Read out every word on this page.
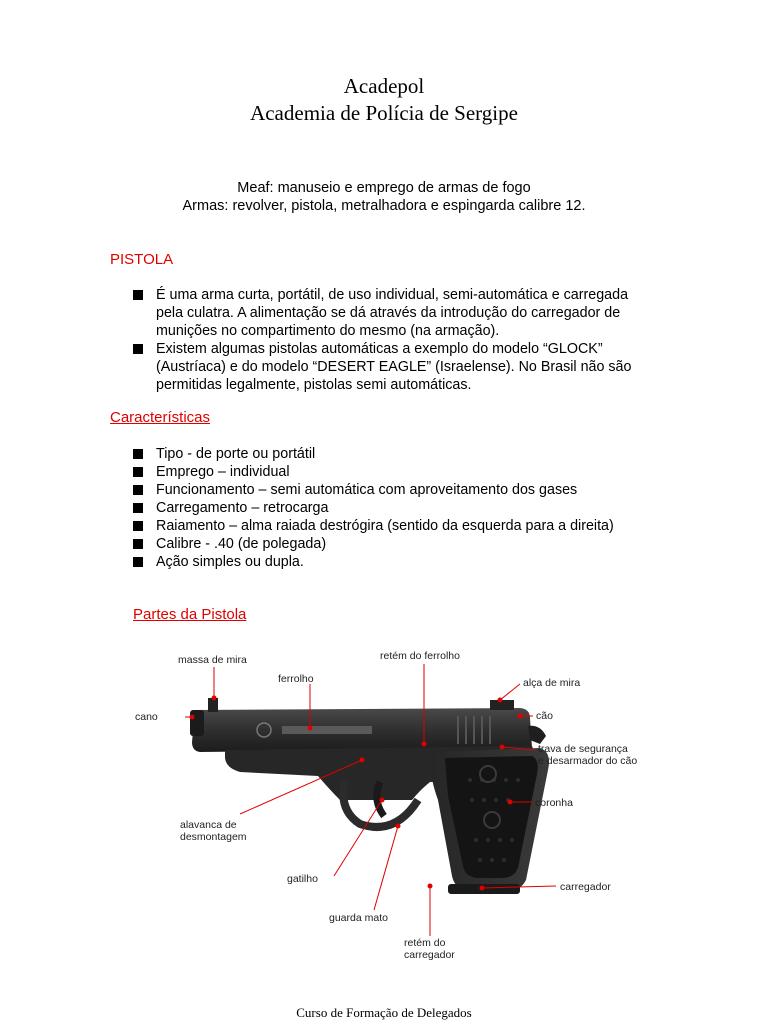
Acadepol
Academia de Polícia de Sergipe
Meaf: manuseio e emprego de armas de fogo
Armas: revolver, pistola, metralhadora e espingarda calibre 12.
PISTOLA
É uma arma curta, portátil, de uso individual, semi-automática e carregada pela culatra. A alimentação se dá através da introdução do carregador de munições no compartimento do mesmo (na armação).
Existem algumas pistolas automáticas a exemplo do modelo “GLOCK” (Austríaca) e do modelo “DESERT EAGLE” (Israelense). No Brasil não são permitidas legalmente, pistolas semi automáticas.
Características
Tipo - de porte ou portátil
Emprego – individual
Funcionamento – semi automática com aproveitamento dos gases
Carregamento – retrocarga
Raiamento – alma raiada destrógira (sentido da esquerda para a direita)
Calibre - .40 (de polegada)
Ação simples ou dupla.
Partes da Pistola
massa de mira	retém do ferrolho
ferrolho	alça de mira
cano	cão
trava de segurança
e desarmador do cão
coronha
alavanca de
desmontagem
gatilho
carregador
guarda mato
retém do
carregador
Curso de Formação de Delegados
